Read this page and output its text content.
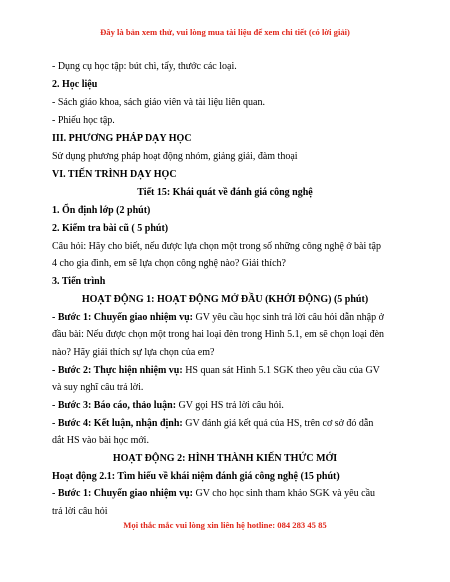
Đây là bản xem thử, vui lòng mua tài liệu để xem chi tiết (có lời giải)
- Dụng cụ học tập: bút chì, tẩy, thước các loại.
2. Học liệu
- Sách giáo khoa, sách giáo viên và tài liệu liên quan.
- Phiếu học tập.
III. PHƯƠNG PHÁP DẠY HỌC
Sử dụng phương pháp hoạt động nhóm, giảng giải, đàm thoại
VI. TIẾN TRÌNH DẠY HỌC
Tiết 15: Khái quát về đánh giá công nghệ
1. Ổn định lớp (2 phút)
2. Kiểm tra bài cũ ( 5 phút)
Câu hỏi: Hãy cho biết, nếu được lựa chọn một trong số những công nghệ ở bài tập
4 cho gia đình, em sẽ lựa chọn công nghệ nào? Giải thích?
3. Tiến trình
HOẠT ĐỘNG 1: HOẠT ĐỘNG MỞ ĐẦU (KHỞI ĐỘNG) (5 phút)
- Bước 1: Chuyển giao nhiệm vụ: GV yêu cầu học sinh trả lời câu hỏi dẫn nhập ở
đầu bài: Nếu được chọn một trong hai loại đèn trong Hình 5.1, em sẽ chọn loại đèn
nào? Hãy giải thích sự lựa chọn của em?
- Bước 2: Thực hiện nhiệm vụ: HS quan sát Hình 5.1 SGK theo yêu cầu của GV
và suy nghĩ câu trả lời.
- Bước 3: Báo cáo, thảo luận: GV gọi HS trả lời câu hỏi.
- Bước 4: Kết luận, nhận định: GV đánh giá kết quả của HS, trên cơ sở đó dẫn
dắt HS vào bài học mới.
HOẠT ĐỘNG 2: HÌNH THÀNH KIẾN THỨC MỚI
Hoạt động 2.1: Tìm hiểu về khái niệm đánh giá công nghệ (15 phút)
- Bước 1: Chuyển giao nhiệm vụ: GV cho học sinh tham khảo SGK và yêu cầu
trả lời câu hỏi
Mọi thắc mắc vui lòng xin liên hệ hotline: 084 283 45 85
